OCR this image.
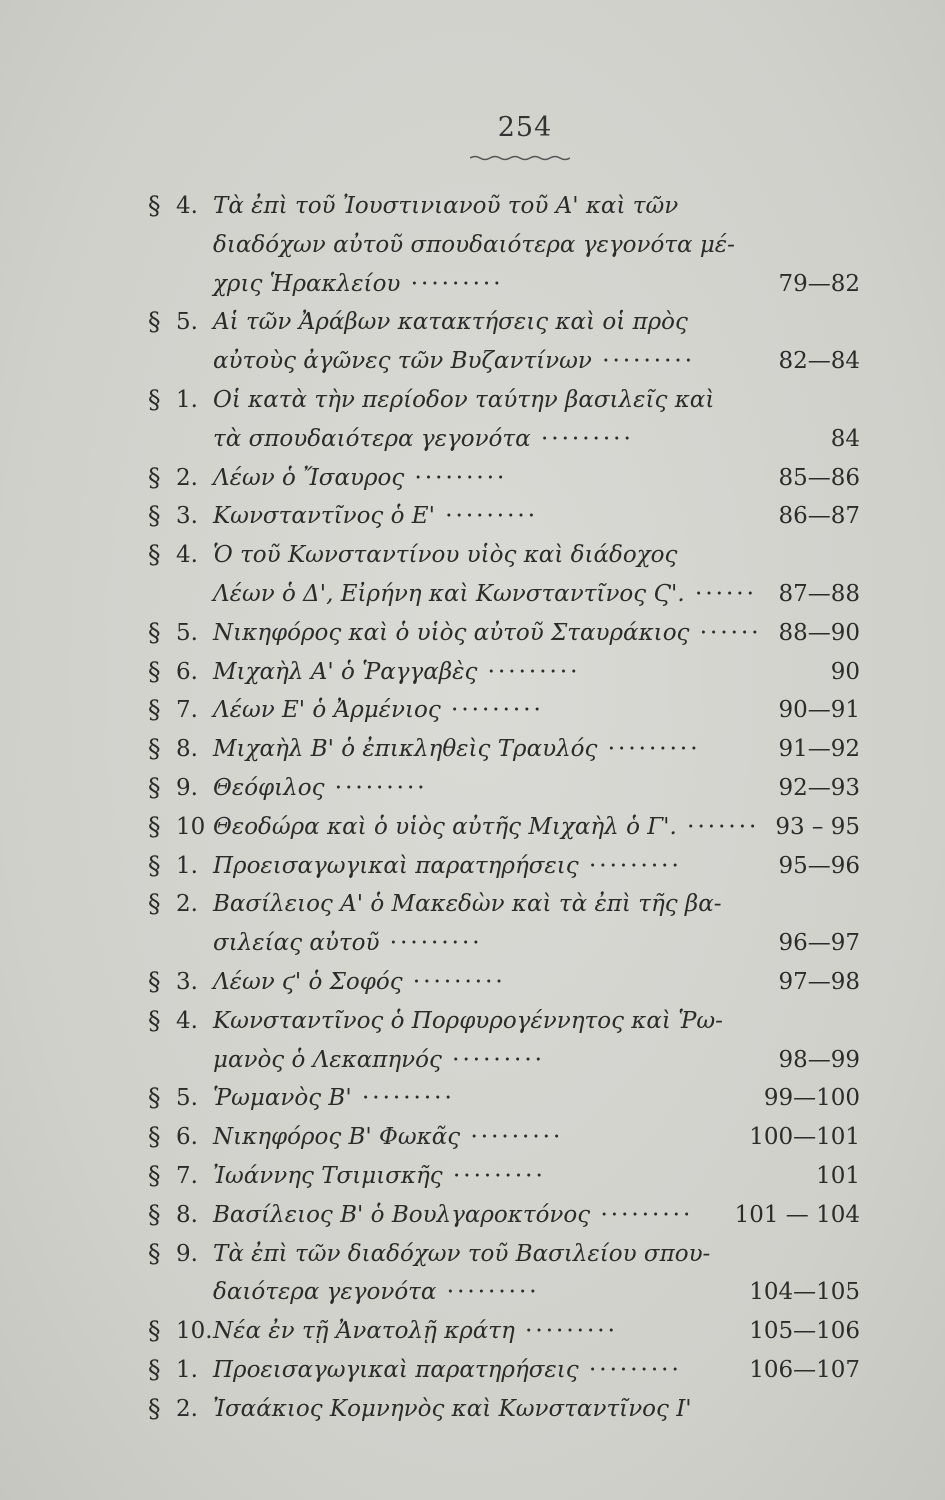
254
§ 4. Τὰ ἐπὶ τοῦ Ἰουστινιανοῦ τοῦ Α' καὶ τῶν
διαδόχων αὐτοῦ σπουδαιότερα γεγονότα μέ-
χρις Ἡρακλείου ·········	79—82
§ 5. Αἱ τῶν Ἀράβων κατακτήσεις καὶ οἱ πρὸς
αὐτοὺς ἀγῶνες τῶν Βυζαντίνων ·········	82—84
§ 1. Οἱ κατὰ τὴν περίοδον ταύτην βασιλεῖς καὶ
τὰ σπουδαιότερα γεγονότα ·········	84
§ 2. Λέων ὁ Ἴσαυρος ·········	85—86
§ 3. Κωνσταντῖνος ὁ Ε' ·········	86—87
§ 4. Ὁ τοῦ Κωνσταντίνου υἱὸς καὶ διάδοχος
Λέων ὁ Δ', Εἰρήνη καὶ Κωνσταντῖνος Ϛ'. ······ 87—88
§ 5. Νικηφόρος καὶ ὁ υἱὸς αὐτοῦ Σταυράκιος ······ 88—90
§ 6. Μιχαὴλ Α' ὁ Ῥαγγαβὲς ·········	90
§ 7. Λέων Ε' ὁ Ἀρμένιος ·········	90—91
§ 8. Μιχαὴλ Β' ὁ ἐπικληθεὶς Τραυλός ·········	91—92
§ 9. Θεόφιλος ·········	92—93
§ 10 Θεοδώρα καὶ ὁ υἱὸς αὐτῆς Μιχαὴλ ὁ Γ'. ······· 93 – 95
§ 1. Προεισαγωγικαὶ παρατηρήσεις ·········	95—96
§ 2. Βασίλειος Α' ὁ Μακεδὼν καὶ τὰ ἐπὶ τῆς βα-
σιλείας αὐτοῦ ·········	96—97
§ 3. Λέων ϛ' ὁ Σοφός ·········	97—98
§ 4. Κωνσταντῖνος ὁ Πορφυρογέννητος καὶ Ῥω-
μανὸς ὁ Λεκαπηνός ·········	98—99
§ 5. Ῥωμανὸς Β' ·········	99—100
§ 6. Νικηφόρος Β' Φωκᾶς ·········	100—101
§ 7. Ἰωάννης Τσιμισκῆς ·········	101
§ 8. Βασίλειος Β' ὁ Βουλγαροκτόνος ········· 101 — 104
§ 9. Τὰ ἐπὶ τῶν διαδόχων τοῦ Βασιλείου σπου-
δαιότερα γεγονότα ·········	104—105
§ 10. Νέα ἐν τῇ Ἀνατολῇ κράτη ·········	105—106
§ 1. Προεισαγωγικαὶ παρατηρήσεις ·········	106—107
§ 2. Ἰσαάκιος Κομνηνὸς καὶ Κωνσταντῖνος Ι'
